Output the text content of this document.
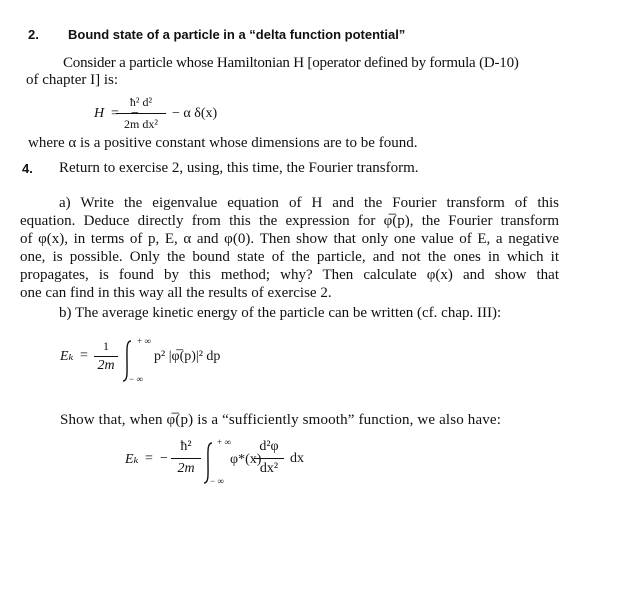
2. Bound state of a particle in a “delta function potential”
Consider a particle whose Hamiltonian H [operator defined by formula (D-10)
of chapter I] is:
H = −
ħ² d²
2m dx²
− α δ(x)
where α is a positive constant whose dimensions are to be found.
4. Return to exercise 2, using, this time, the Fourier transform.
a) Write the eigenvalue equation of H and the Fourier transform of this
equation. Deduce directly from this the expression for φ̅(p), the Fourier transform
of φ(x), in terms of p, E, α and φ(0). Then show that only one value of E, a negative
one, is possible. Only the bound state of the particle, and not the ones in which it
propagates, is found by this method; why? Then calculate φ(x) and show that
one can find in this way all the results of exercise 2.
b) The average kinetic energy of the particle can be written (cf. chap. III):
Eₖ =
1
2m
+ ∞
− ∞
p² |φ̅(p)|² dp
Show that, when φ̅(p) is a “sufficiently smooth” function, we also have:
Eₖ = −
ħ²
2m
+ ∞
− ∞
φ*(x)
d²φ
dx²
dx
